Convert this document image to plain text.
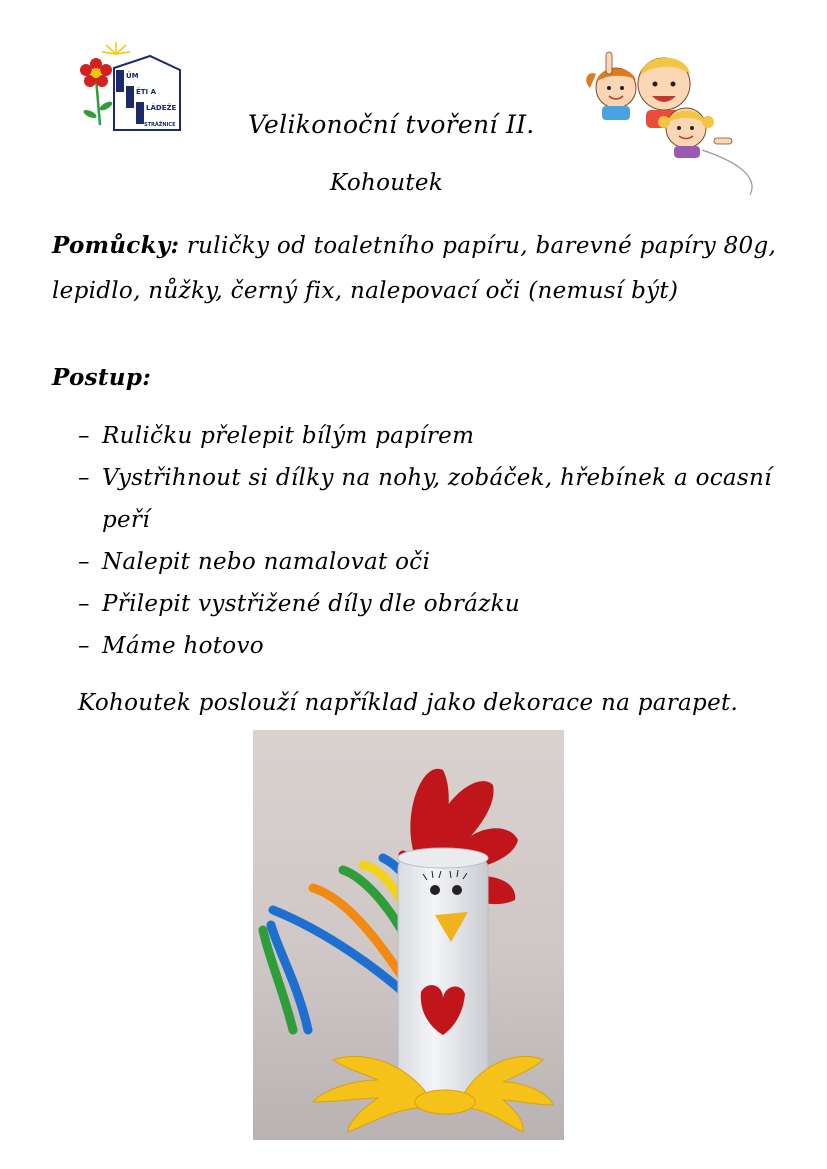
ÚM
ĚTI A
LÁDEŽE
STRÁŽNICE	Velikonoční tvoření II.
Kohoutek
Pomůcky: ruličky od toaletního papíru, barevné papíry 80g, lepidlo, nůžky, černý fix, nalepovací oči (nemusí být)
Postup:
– Ruličku přelepit bílým papírem
– Vystřihnout si dílky na nohy, zobáček, hřebínek a ocasní peří
– Nalepit nebo namalovat oči
– Přilepit vystřižené díly dle obrázku
– Máme hotovo
Kohoutek poslouží například jako dekorace na parapet.
